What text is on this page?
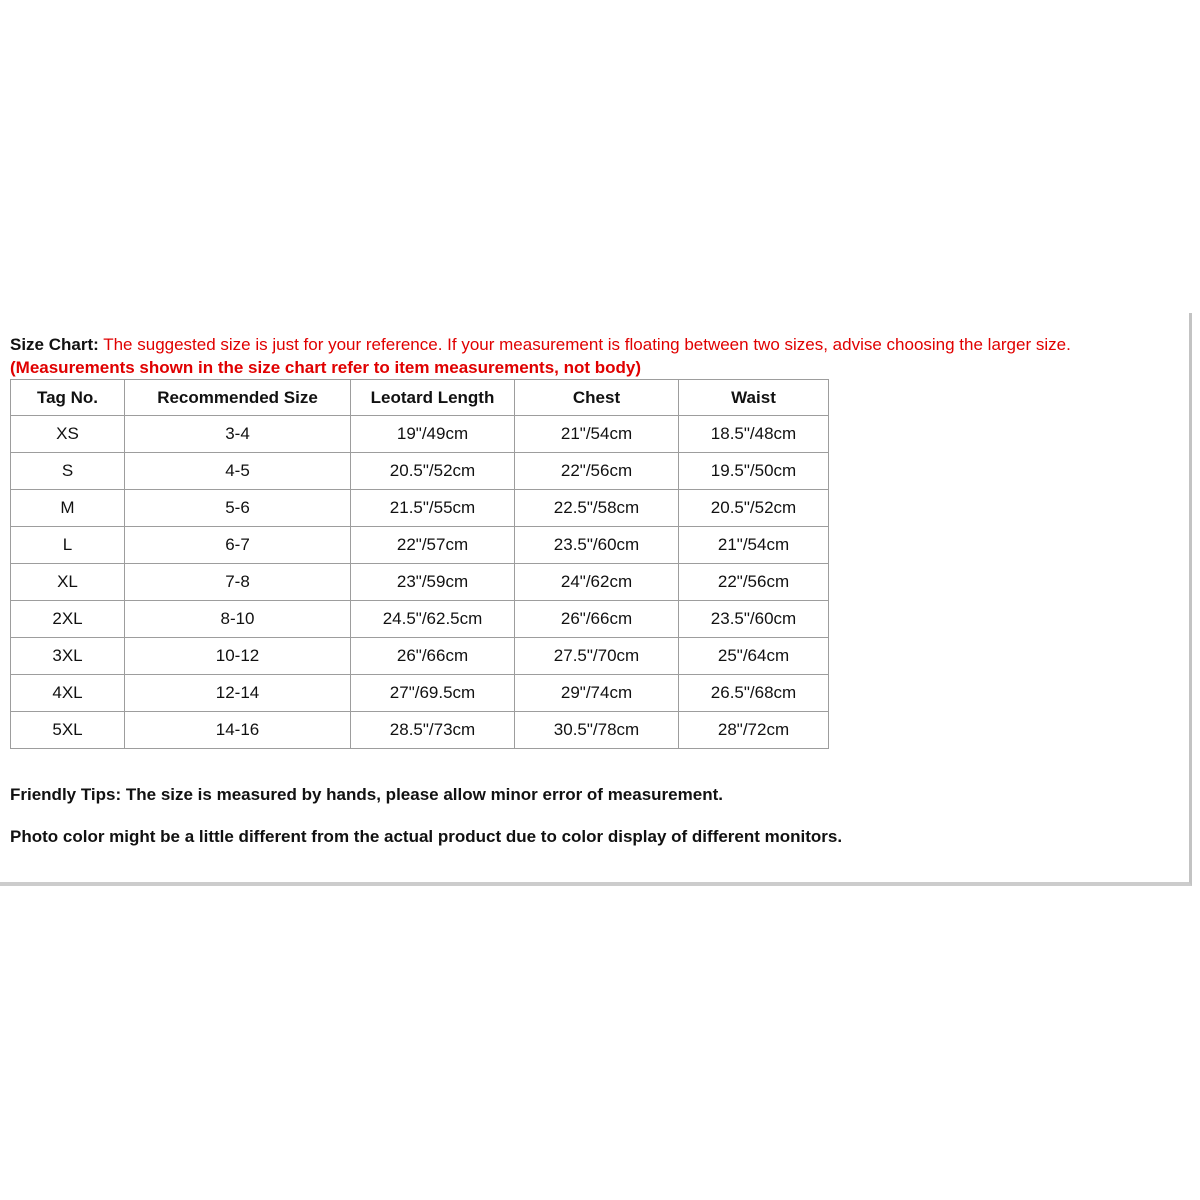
Size Chart: The suggested size is just for your reference. If your measurement is floating between two sizes, advise choosing the larger size.
(Measurements shown in the size chart refer to item measurements, not body)
Tag No.	Recommended Size	Leotard Length	Chest	Waist
XS	3-4	19"/49cm	21"/54cm	18.5"/48cm
S	4-5	20.5"/52cm	22"/56cm	19.5"/50cm
M	5-6	21.5"/55cm	22.5"/58cm	20.5"/52cm
L	6-7	22"/57cm	23.5"/60cm	21"/54cm
XL	7-8	23"/59cm	24"/62cm	22"/56cm
2XL	8-10	24.5"/62.5cm	26"/66cm	23.5"/60cm
3XL	10-12	26"/66cm	27.5"/70cm	25"/64cm
4XL	12-14	27"/69.5cm	29"/74cm	26.5"/68cm
5XL	14-16	28.5"/73cm	30.5"/78cm	28"/72cm
Friendly Tips: The size is measured by hands, please allow minor error of measurement.
Photo color might be a little different from the actual product due to color display of different monitors.
